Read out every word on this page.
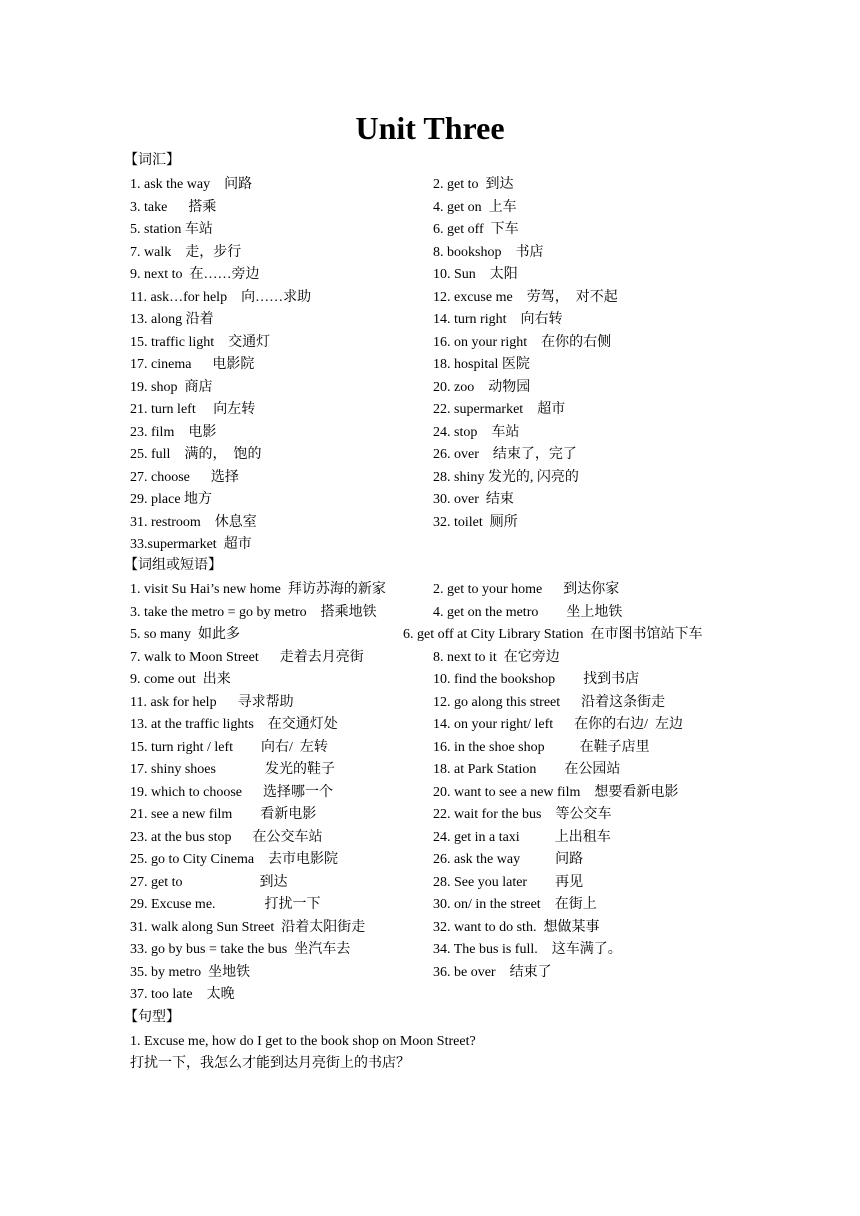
Unit Three
【词汇】
1. ask the way    问路
3. take      搭乘
5. station 车站
7. walk    走，步行
9. next to  在……旁边
11. ask…for help    向……求助
13. along 沿着
15. traffic light    交通灯
17. cinema      电影院
19. shop  商店
21. turn left     向左转
23. film    电影
25. full    满的，  饱的
27. choose      选择
29. place 地方
31. restroom    休息室
33.supermarket  超市
2. get to  到达
4. get on  上车
6. get off  下车
8. bookshop    书店
10. Sun    太阳
12. excuse me    劳驾，  对不起
14. turn right    向右转
16. on your right    在你的右侧
18. hospital 医院
20. zoo    动物园
22. supermarket    超市
24. stop    车站
26. over    结束了，完了
28. shiny 发光的, 闪亮的
30. over  结束
32. toilet  厕所
【词组或短语】
1. visit Su Hai’s new home  拜访苏海的新家
3. take the metro = go by metro    搭乘地铁
5. so many  如此多
7. walk to Moon Street      走着去月亮街
9. come out  出来
11. ask for help      寻求帮助
13. at the traffic lights    在交通灯处
15. turn right / left        向右/  左转
17. shiny shoes              发光的鞋子
19. which to choose      选择哪一个
21. see a new film        看新电影
23. at the bus stop      在公交车站
25. go to City Cinema    去市电影院
27. get to                      到达
29. Excuse me.              打扰一下
31. walk along Sun Street  沿着太阳街走
33. go by bus = take the bus  坐汽车去
35. by metro  坐地铁
37. too late    太晚
2. get to your home      到达你家
4. get on the metro        坐上地铁
6. get off at City Library Station  在市图书馆站下车
8. next to it  在它旁边
10. find the bookshop        找到书店
12. go along this street      沿着这条街走
14. on your right/ left      在你的右边/  左边
16. in the shoe shop          在鞋子店里
18. at Park Station        在公园站
20. want to see a new film    想要看新电影
22. wait for the bus    等公交车
24. get in a taxi          上出租车
26. ask the way          问路
28. See you later        再见
30. on/ in the street    在街上
32. want to do sth.  想做某事
34. The bus is full.    这车满了。
36. be over    结束了
【句型】
1. Excuse me, how do I get to the book shop on Moon Street?
打扰一下，我怎么才能到达月亮街上的书店？
